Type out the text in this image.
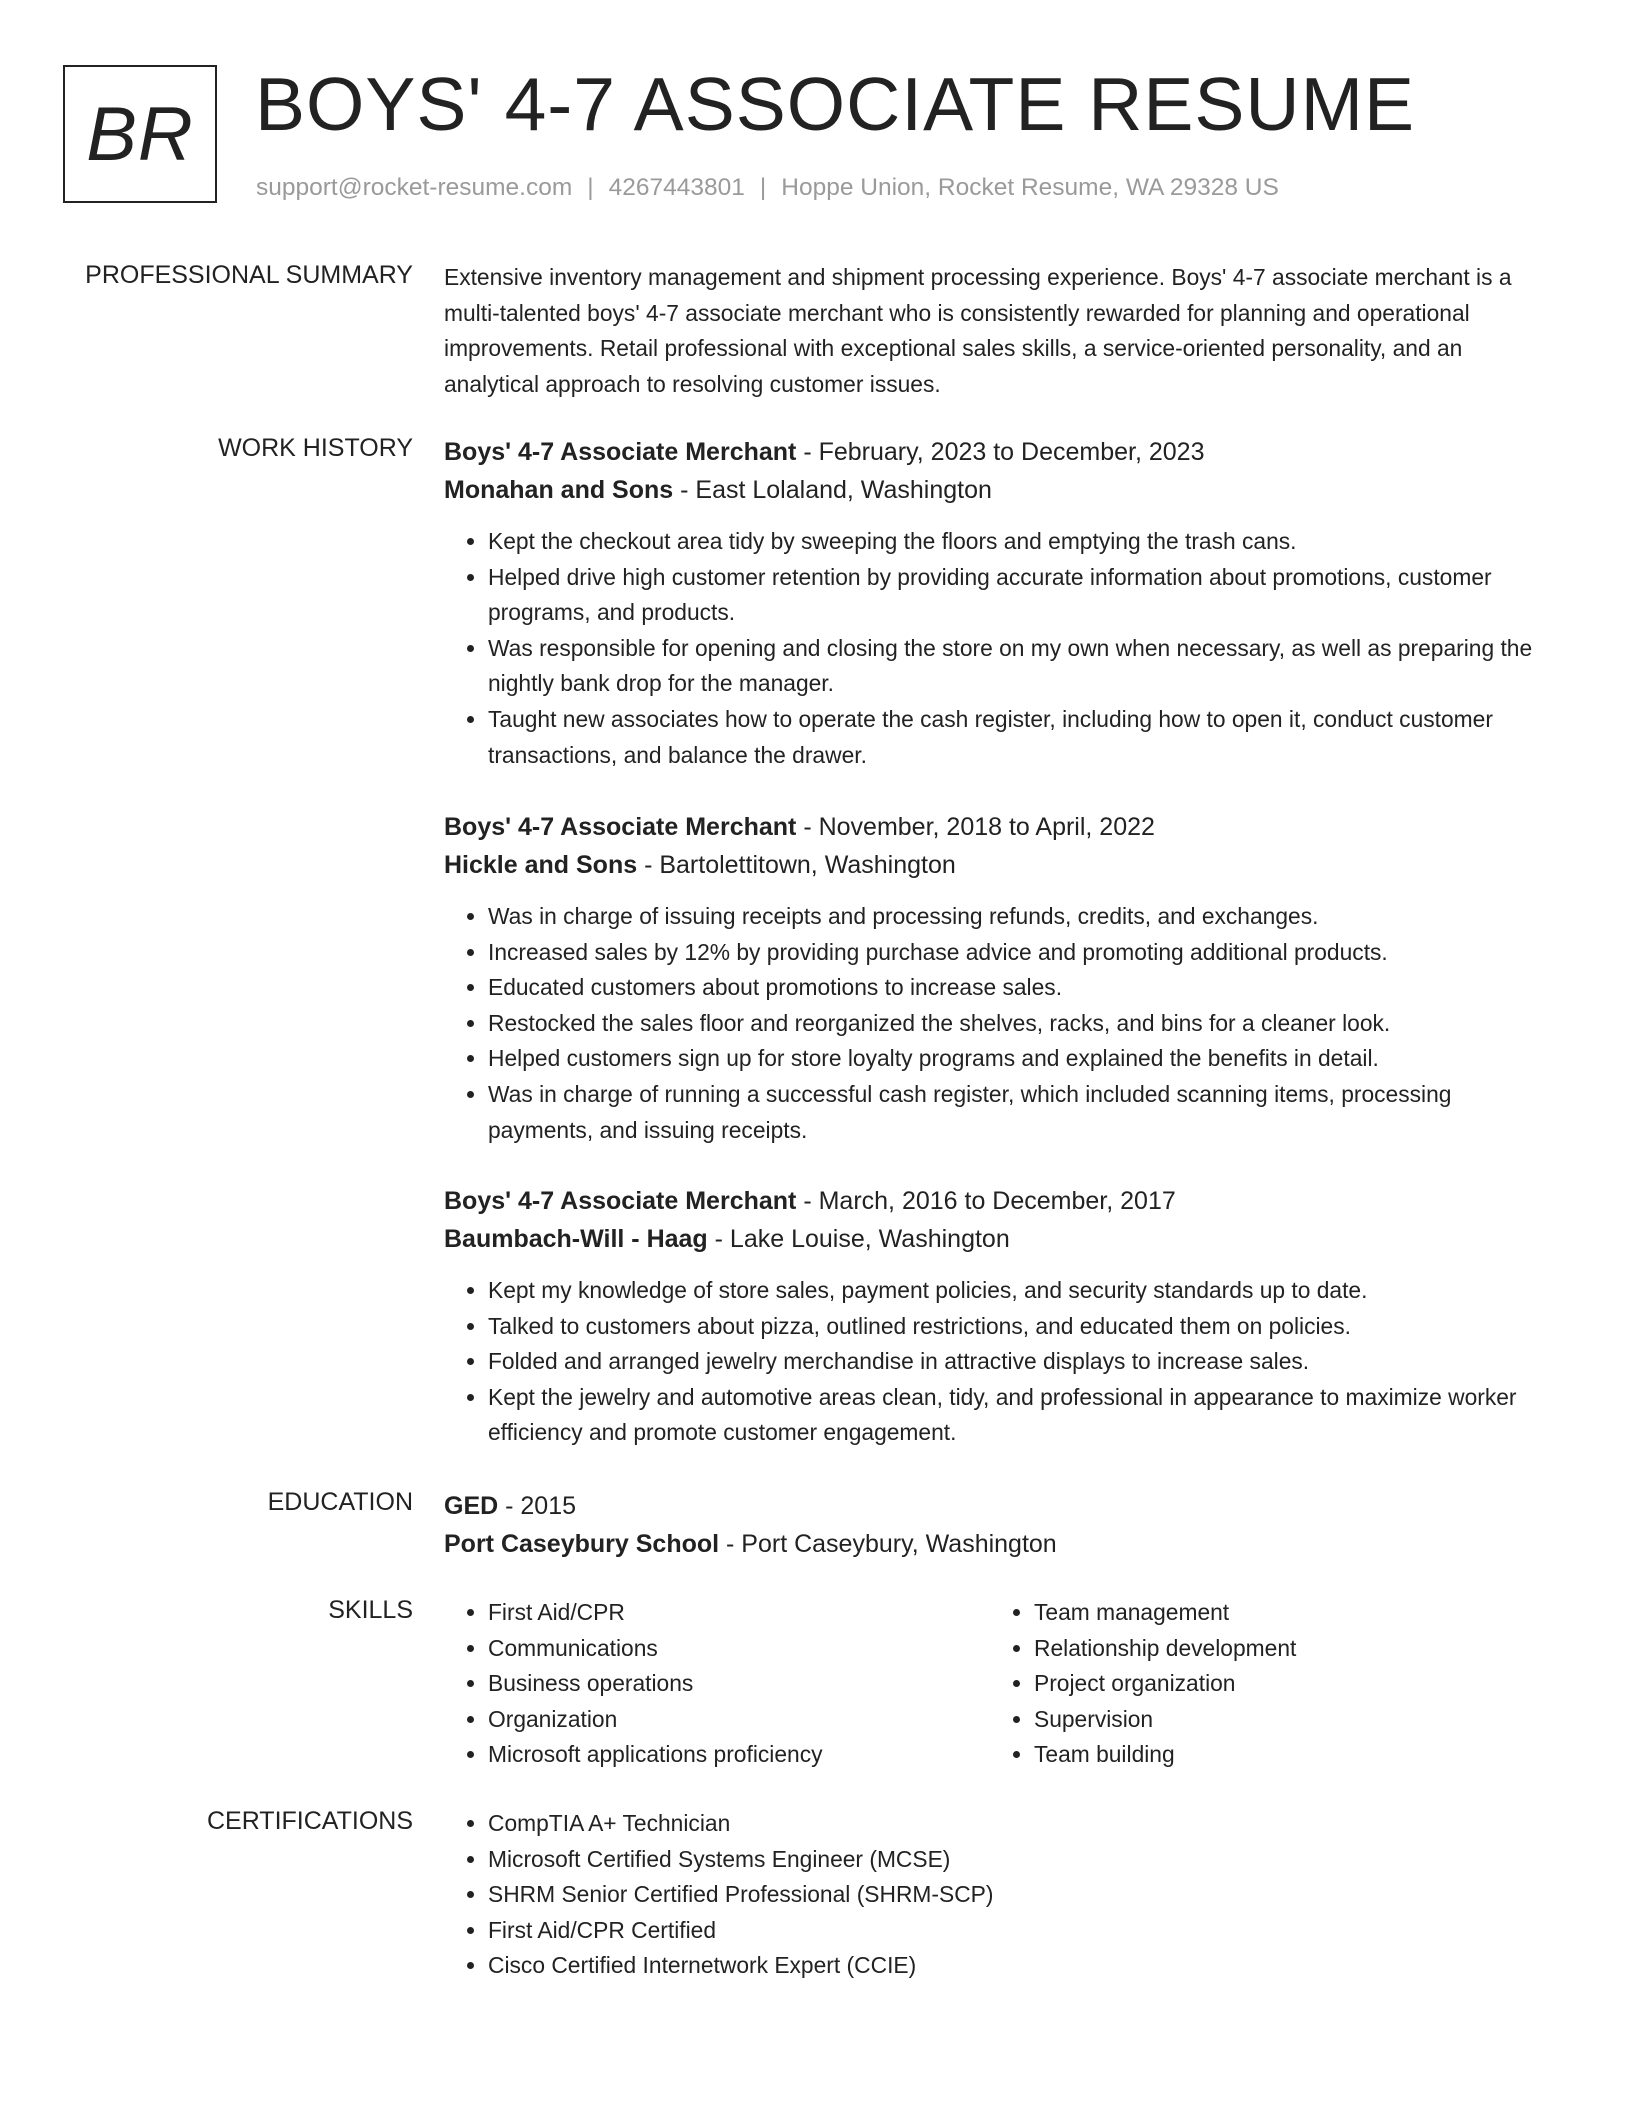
BR BOYS' 4-7 ASSOCIATE RESUME
support@rocket-resume.com | 4267443801 | Hoppe Union, Rocket Resume, WA 29328 US
PROFESSIONAL SUMMARY Extensive inventory management and shipment processing experience. Boys' 4-7 associate merchant is a multi-talented boys' 4-7 associate merchant who is consistently rewarded for planning and operational improvements. Retail professional with exceptional sales skills, a service-oriented personality, and an analytical approach to resolving customer issues.

WORK HISTORY Boys' 4-7 Associate Merchant - February, 2023 to December, 2023

Monahan and Sons - East Lolaland, Washington

• Kept the checkout area tidy by sweeping the floors and emptying the trash cans.
• Helped drive high customer retention by providing accurate information about promotions, customer programs, and products.
• Was responsible for opening and closing the store on my own when necessary, as well as preparing the nightly bank drop for the manager.
• Taught new associates how to operate the cash register, including how to open it, conduct customer transactions, and balance the drawer.

Boys' 4-7 Associate Merchant - November, 2018 to April, 2022

Hickle and Sons - Bartolettitown, Washington

• Was in charge of issuing receipts and processing refunds, credits, and exchanges.
• Increased sales by 12% by providing purchase advice and promoting additional products.
• Educated customers about promotions to increase sales.
• Restocked the sales floor and reorganized the shelves, racks, and bins for a cleaner look.
• Helped customers sign up for store loyalty programs and explained the benefits in detail.
• Was in charge of running a successful cash register, which included scanning items, processing payments, and issuing receipts.

Boys' 4-7 Associate Merchant - March, 2016 to December, 2017

Baumbach-Will - Haag - Lake Louise, Washington

• Kept my knowledge of store sales, payment policies, and security standards up to date.
• Talked to customers about pizza, outlined restrictions, and educated them on policies.
• Folded and arranged jewelry merchandise in attractive displays to increase sales.
• Kept the jewelry and automotive areas clean, tidy, and professional in appearance to maximize worker efficiency and promote customer engagement.
EDUCATION GED - 2015

Port Caseybury School - Port Caseybury, Washington

SKILLS	• First Aid/CPR
• Communications
• Business operations
• Organization
• Microsoft applications proficiency
• Team management
• Relationship development
• Project organization
• Supervision
• Team building
CERTIFICATIONS	• CompTIA A+ Technician
• Microsoft Certified Systems Engineer (MCSE)
• SHRM Senior Certified Professional (SHRM-SCP)
• First Aid/CPR Certified
• Cisco Certified Internetwork Expert (CCIE)
